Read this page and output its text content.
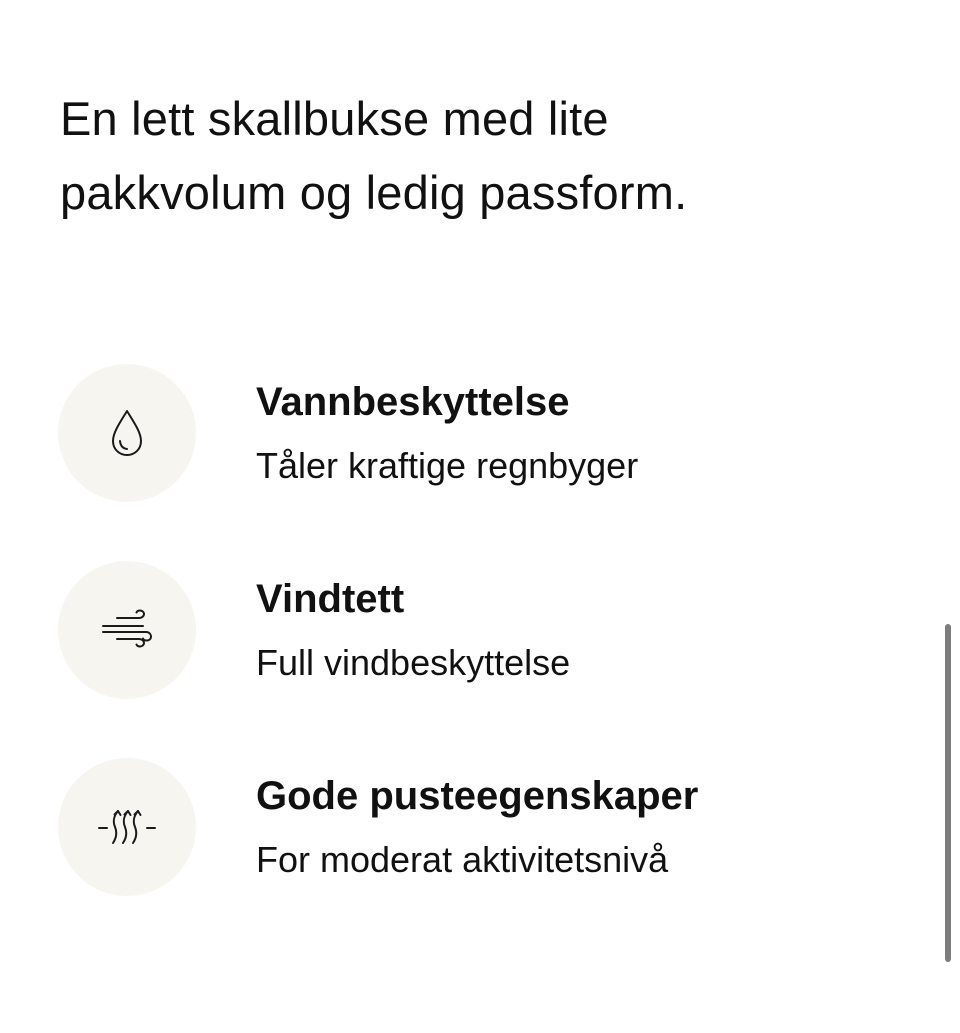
En lett skallbukse med lite
pakkvolum og ledig passform.
Vannbeskyttelse
Tåler kraftige regnbyger
Vindtett
Full vindbeskyttelse
Gode pusteegenskaper
For moderat aktivitetsnivå
